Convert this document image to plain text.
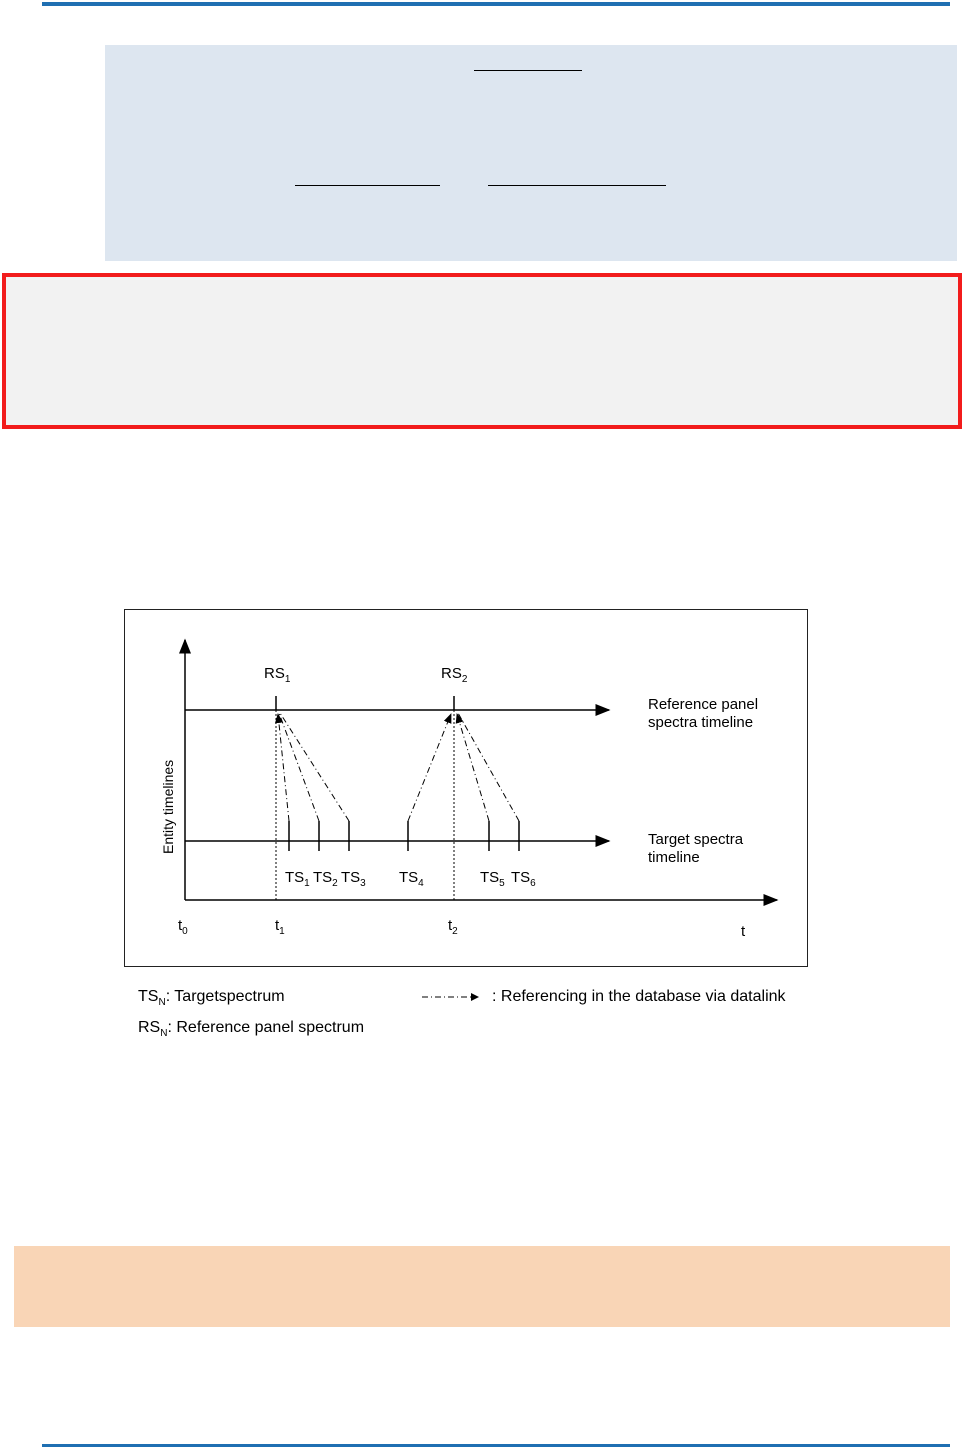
Entity timelines
$RS_1$	$RS_2$
Reference panel
spectra timeline
Target spectra
timeline
$TS_1$ $TS_2$ $TS_3$ $TS_4$	$TS_5$ $TS_6$
$t_0$	$t_1$	$t_2$	t
$TS_N$: Targetspectrum
$RS_N$: Reference panel spectrum
: Referencing in the database via datalink
